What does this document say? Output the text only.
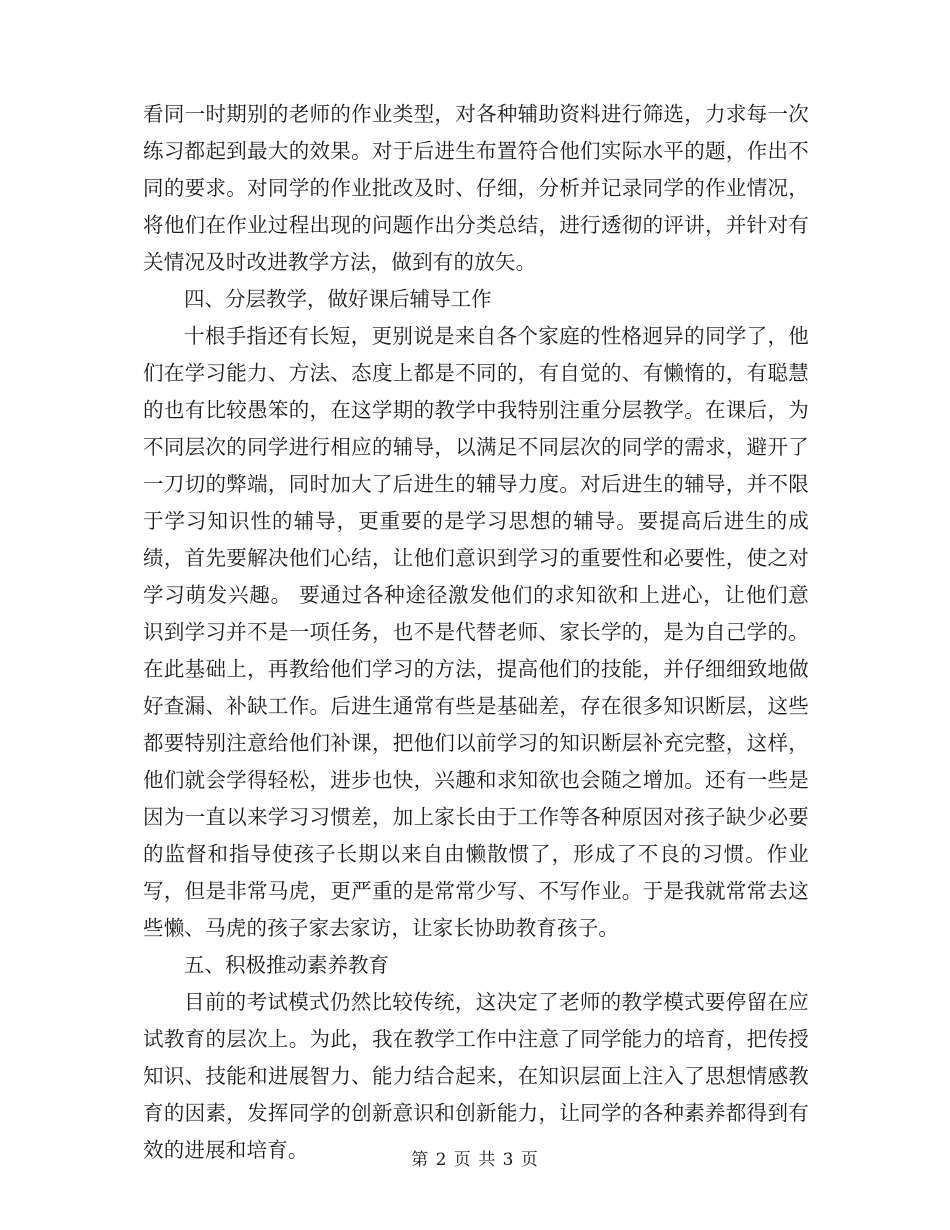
看同一时期别的老师的作业类型，对各种辅助资料进行筛选，力求每一次练习都起到最大的效果。对于后进生布置符合他们实际水平的题，作出不同的要求。对同学的作业批改及时、仔细，分析并记录同学的作业情况，将他们在作业过程出现的问题作出分类总结，进行透彻的评讲，并针对有关情况及时改进教学方法，做到有的放矢。

四、分层教学，做好课后辅导工作

十根手指还有长短，更别说是来自各个家庭的性格迥异的同学了，他们在学习能力、方法、态度上都是不同的，有自觉的、有懒惰的，有聪慧的也有比较愚笨的，在这学期的教学中我特别注重分层教学。在课后，为不同层次的同学进行相应的辅导，以满足不同层次的同学的需求，避开了一刀切的弊端，同时加大了后进生的辅导力度。对后进生的辅导，并不限于学习知识性的辅导，更重要的是学习思想的辅导。要提高后进生的成绩，首先要解决他们心结，让他们意识到学习的重要性和必要性，使之对学习萌发兴趣。 要通过各种途径激发他们的求知欲和上进心，让他们意识到学习并不是一项任务，也不是代替老师、家长学的，是为自己学的。在此基础上，再教给他们学习的方法，提高他们的技能，并仔细细致地做好查漏、补缺工作。后进生通常有些是基础差，存在很多知识断层，这些都要特别注意给他们补课，把他们以前学习的知识断层补充完整，这样，他们就会学得轻松，进步也快，兴趣和求知欲也会随之增加。还有一些是因为一直以来学习习惯差，加上家长由于工作等各种原因对孩子缺少必要的监督和指导使孩子长期以来自由懒散惯了，形成了不良的习惯。作业写，但是非常马虎，更严重的是常常少写、不写作业。于是我就常常去这些懒、马虎的孩子家去家访，让家长协助教育孩子。

五、积极推动素养教育

目前的考试模式仍然比较传统，这决定了老师的教学模式要停留在应试教育的层次上。为此，我在教学工作中注意了同学能力的培育，把传授知识、技能和进展智力、能力结合起来，在知识层面上注入了思想情感教育的因素，发挥同学的创新意识和创新能力，让同学的各种素养都得到有效的进展和培育。	第 2 页 共 3 页
